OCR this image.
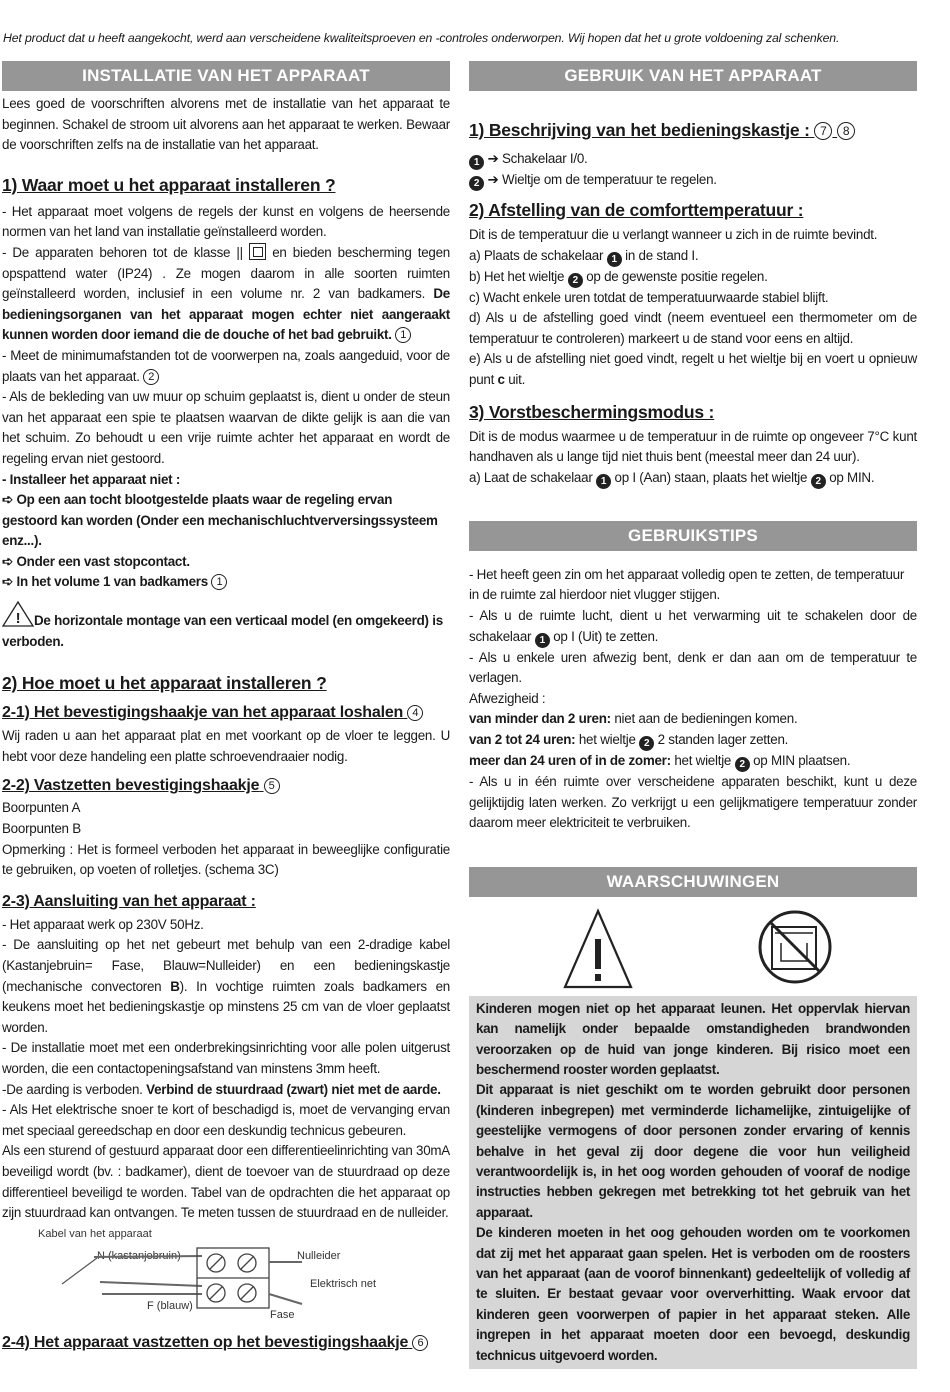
Het product dat u heeft aangekocht, werd aan verscheidene kwaliteitsproeven en -controles onderworpen. Wij hopen dat het u grote voldoening zal schenken.
INSTALLATIE VAN HET APPARAAT

Lees goed de voorschriften alvorens met de installatie van het apparaat te beginnen. Schakel de stroom uit alvorens aan het apparaat te werken. Bewaar de voorschriften zelfs na de installatie van het apparaat.

1) Waar moet u het apparaat installeren ?

- Het apparaat moet volgens de regels der kunst en volgens de heersende normen van het land van installatie geïnstalleerd worden.

- De apparaten behoren tot de klasse ||  en bieden bescherming tegen opspattend water (IP24) . Ze mogen daarom in alle soorten ruimten geïnstalleerd worden, inclusief in een volume nr. 2 van badkamers. De bedieningsorganen van het apparaat mogen echter niet aangeraakt kunnen worden door iemand die de douche of het bad gebruikt. 1

- Meet de minimumafstanden tot de voorwerpen na, zoals aangeduid, voor de plaats van het apparaat. 2

- Als de bekleding van uw muur op schuim geplaatst is, dient u onder de steun van het apparaat een spie te plaatsen waarvan de dikte gelijk is aan die van het schuim. Zo behoudt u een vrije ruimte achter het apparaat en wordt de regeling ervan niet gestoord.

- Installeer het apparaat niet :

➪ Op een aan tocht blootgestelde plaats waar de regeling ervan gestoord kan worden (Onder een mechanischluchtverversingssysteem enz...).

➪ Onder een vast stopcontact.

➪ In het volume 1 van badkamers 1

! De horizontale montage van een verticaal model (en omgekeerd) is verboden.

2) Hoe moet u het apparaat installeren ?
2-1) Het bevestigingshaakje van het apparaat loshalen 4

Wij raden u aan het apparaat plat en met voorkant op de vloer te leggen. U hebt voor deze handeling een platte schroevendraaier nodig.

2-2) Vastzetten bevestigingshaakje 5

Boorpunten A

Boorpunten B

Opmerking : Het is formeel verboden het apparaat in beweeglijke configuratie te gebruiken, op voeten of rolletjes. (schema 3C)

2-3) Aansluiting van het apparaat :

- Het apparaat werk op 230V 50Hz.

- De aansluiting op het net gebeurt met behulp van een 2-dradige kabel (Kastanjebruin= Fase, Blauw=Nulleider) en een bedieningskastje (mechanische convectoren B). In vochtige ruimten zoals badkamers en keukens moet het bedieningskastje op minstens 25 cm van de vloer geplaatst worden.

- De installatie moet met een onderbrekingsinrichting voor alle polen uitgerust worden, die een contactopeningsafstand van minstens 3mm heeft.

-De aarding is verboden. Verbind de stuurdraad (zwart) niet met de aarde.

- Als Het elektrische snoer te kort of beschadigd is, moet de vervanging ervan met speciaal gereedschap en door een deskundig technicus gebeuren.

Als een sturend of gestuurd apparaat door een differentieelinrichting van 30mA beveiligd wordt (bv. : badkamer), dient de toevoer van de stuurdraad op deze differentieel beveiligd te worden. Tabel van de opdrachten die het apparaat op zijn stuurdraad kan ontvangen. Te meten tussen de stuurdraad en de nulleider.

Kabel van het apparaat
N (kastanjebruin)
F (blauw)
Nulleider
Elektrisch net
Fase
2-4) Het apparaat vastzetten op het bevestigingshaakje 6
GEBRUIK VAN HET APPARAAT
1) Beschrijving van het bedieningskastje : 7 8

1 ➔ Schakelaar I/0.

2 ➔ Wieltje om de temperatuur te regelen.

2) Afstelling van de comforttemperatuur :

Dit is de temperatuur die u verlangt wanneer u zich in de ruimte bevindt.

a) Plaats de schakelaar 1 in de stand I.

b) Het het wieltje 2 op de gewenste positie regelen.

c) Wacht enkele uren totdat de temperatuurwaarde stabiel blijft.

d) Als u de afstelling goed vindt (neem eventueel een thermometer om de temperatuur te controleren) markeert u de stand voor eens en altijd.

e) Als u de afstelling niet goed vindt, regelt u het wieltje bij en voert u opnieuw punt c uit.

3) Vorstbeschermingsmodus :

Dit is de modus waarmee u de temperatuur in de ruimte op ongeveer 7°C kunt handhaven als u lange tijd niet thuis bent (meestal meer dan 24 uur).

a) Laat de schakelaar 1 op I (Aan) staan, plaats het wieltje 2 op MIN.

GEBRUIKSTIPS

- Het heeft geen zin om het apparaat volledig open te zetten, de temperatuur in de ruimte zal hierdoor niet vlugger stijgen.

- Als u de ruimte lucht, dient u het verwarming uit te schakelen door de schakelaar 1 op I (Uit) te zetten.

- Als u enkele uren afwezig bent, denk er dan aan om de temperatuur te verlagen.

Afwezigheid :

van minder dan 2 uren: niet aan de bedieningen komen.

van 2 tot 24 uren: het wieltje 2 2 standen lager zetten.

meer dan 24 uren of in de zomer: het wieltje 2 op MIN plaatsen.

- Als u in één ruimte over verscheidene apparaten beschikt, kunt u deze gelijktijdig laten werken. Zo verkrijgt u een gelijkmatigere temperatuur zonder daarom meer elektriciteit te verbruiken.

WAARSCHUWINGEN

Kinderen mogen niet op het apparaat leunen. Het oppervlak hiervan kan namelijk onder bepaalde omstandigheden brandwonden veroorzaken op de huid van jonge kinderen. Bij risico moet een beschermend rooster worden geplaatst.

Dit apparaat is niet geschikt om te worden gebruikt door personen (kinderen inbegrepen) met verminderde lichamelijke, zintuigelijke of geestelijke vermogens of door personen zonder ervaring of kennis behalve in het geval zij door degene die voor hun veiligheid verantwoordelijk is, in het oog worden gehouden of vooraf de nodige instructies hebben gekregen met betrekking tot het gebruik van het apparaat.

De kinderen moeten in het oog gehouden worden om te voorkomen dat zij met het apparaat gaan spelen. Het is verboden om de roosters van het apparaat (aan de voorof binnenkant) gedeeltelijk of volledig af te sluiten. Er bestaat gevaar voor oververhitting. Waak ervoor dat kinderen geen voorwerpen of papier in het apparaat steken. Alle ingrepen in het apparaat moeten door een bevoegd, deskundig technicus uitgevoerd worden.
